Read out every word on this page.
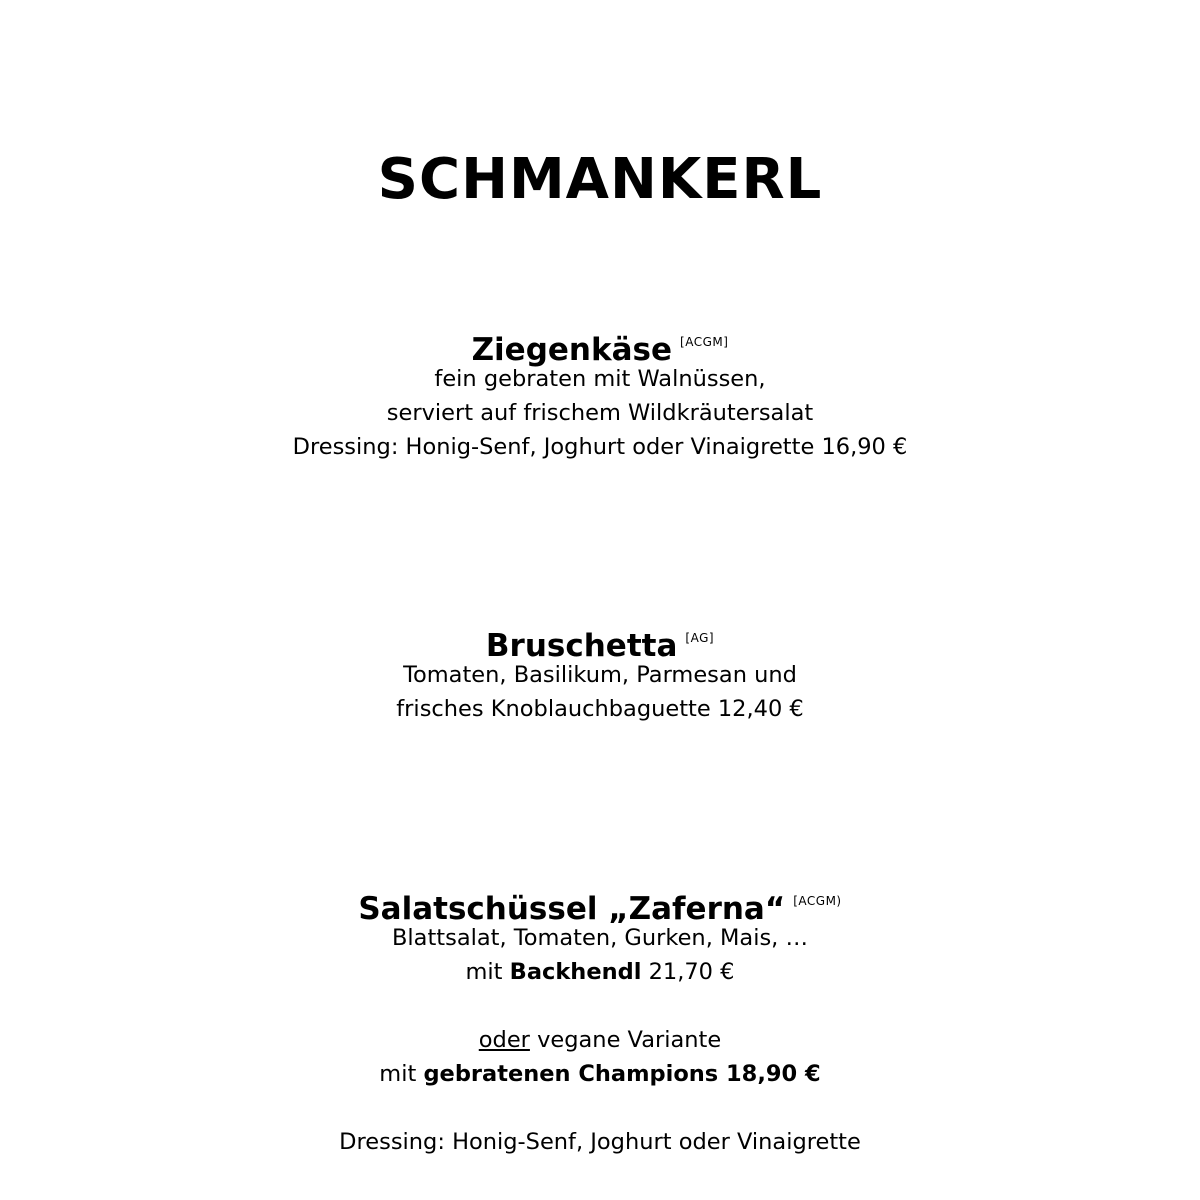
SCHMANKERL
Ziegenkäse [ACGM]
fein gebraten mit Walnüssen,
serviert auf frischem Wildkräutersalat
Dressing: Honig-Senf, Joghurt oder Vinaigrette 16,90 €
Bruschetta [AG]
Tomaten, Basilikum, Parmesan und
frisches Knoblauchbaguette 12,40 €
Salatschüssel „Zaferna“ $^{[ACGM)}$
Blattsalat, Tomaten, Gurken, Mais, …
mit Backhendl 21,70 €
oder vegane Variante
mit gebratenen Champions 18,90 €
Dressing: Honig-Senf, Joghurt oder Vinaigrette
